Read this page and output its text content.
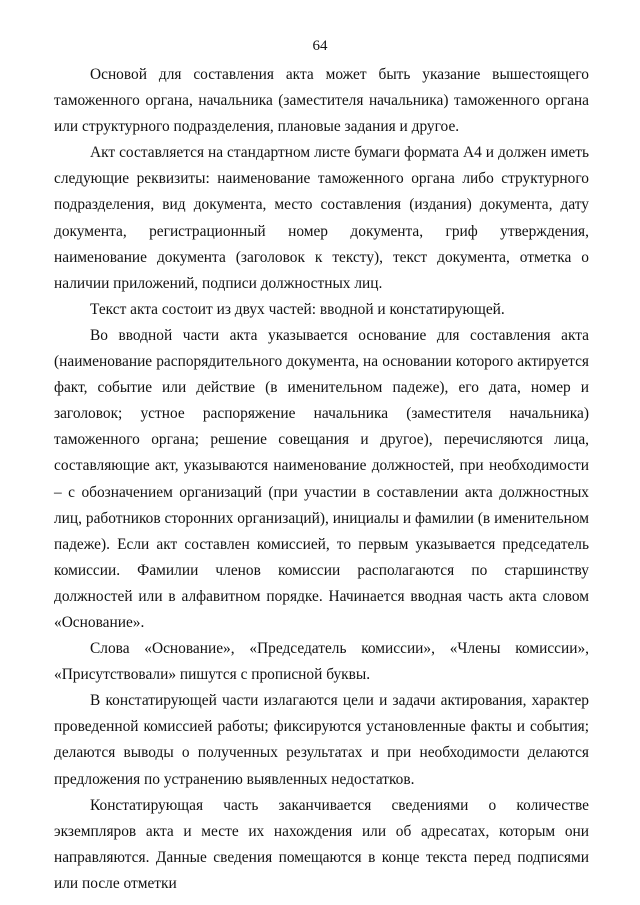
64

Основой для составления акта может быть указание вышестоящего таможенного органа, начальника (заместителя начальника) таможенного органа или структурного подразделения, плановые задания и другое.

Акт составляется на стандартном листе бумаги формата А4 и должен иметь следующие реквизиты: наименование таможенного органа либо структурного подразделения, вид документа, место составления (издания) документа, дату документа, регистрационный номер документа, гриф утверждения, наименование документа (заголовок к тексту), текст документа, отметка о наличии приложений, подписи должностных лиц.

Текст акта состоит из двух частей: вводной и констатирующей.

Во вводной части акта указывается основание для составления акта (наименование распорядительного документа, на основании которого актируется факт, событие или действие (в именительном падеже), его дата, номер и заголовок; устное распоряжение начальника (заместителя начальника) таможенного органа; решение совещания и другое), перечисляются лица, составляющие акт, указываются наименование должностей, при необходимости – с обозначением организаций (при участии в составлении акта должностных лиц, работников сторонних организаций), инициалы и фамилии (в именительном падеже). Если акт составлен комиссией, то первым указывается председатель комиссии. Фамилии членов комиссии располагаются по старшинству должностей или в алфавитном порядке. Начинается вводная часть акта словом «Основание».

Слова «Основание», «Председатель комиссии», «Члены комиссии», «Присутствовали» пишутся с прописной буквы.

В констатирующей части излагаются цели и задачи актирования, характер проведенной комиссией работы; фиксируются установленные факты и события; делаются выводы о полученных результатах и при необходимости делаются предложения по устранению выявленных недостатков.

Констатирующая часть заканчивается сведениями о количестве экземпляров акта и месте их нахождения или об адресатах, которым они направляются. Данные сведения помещаются в конце текста перед подписями или после отметки
